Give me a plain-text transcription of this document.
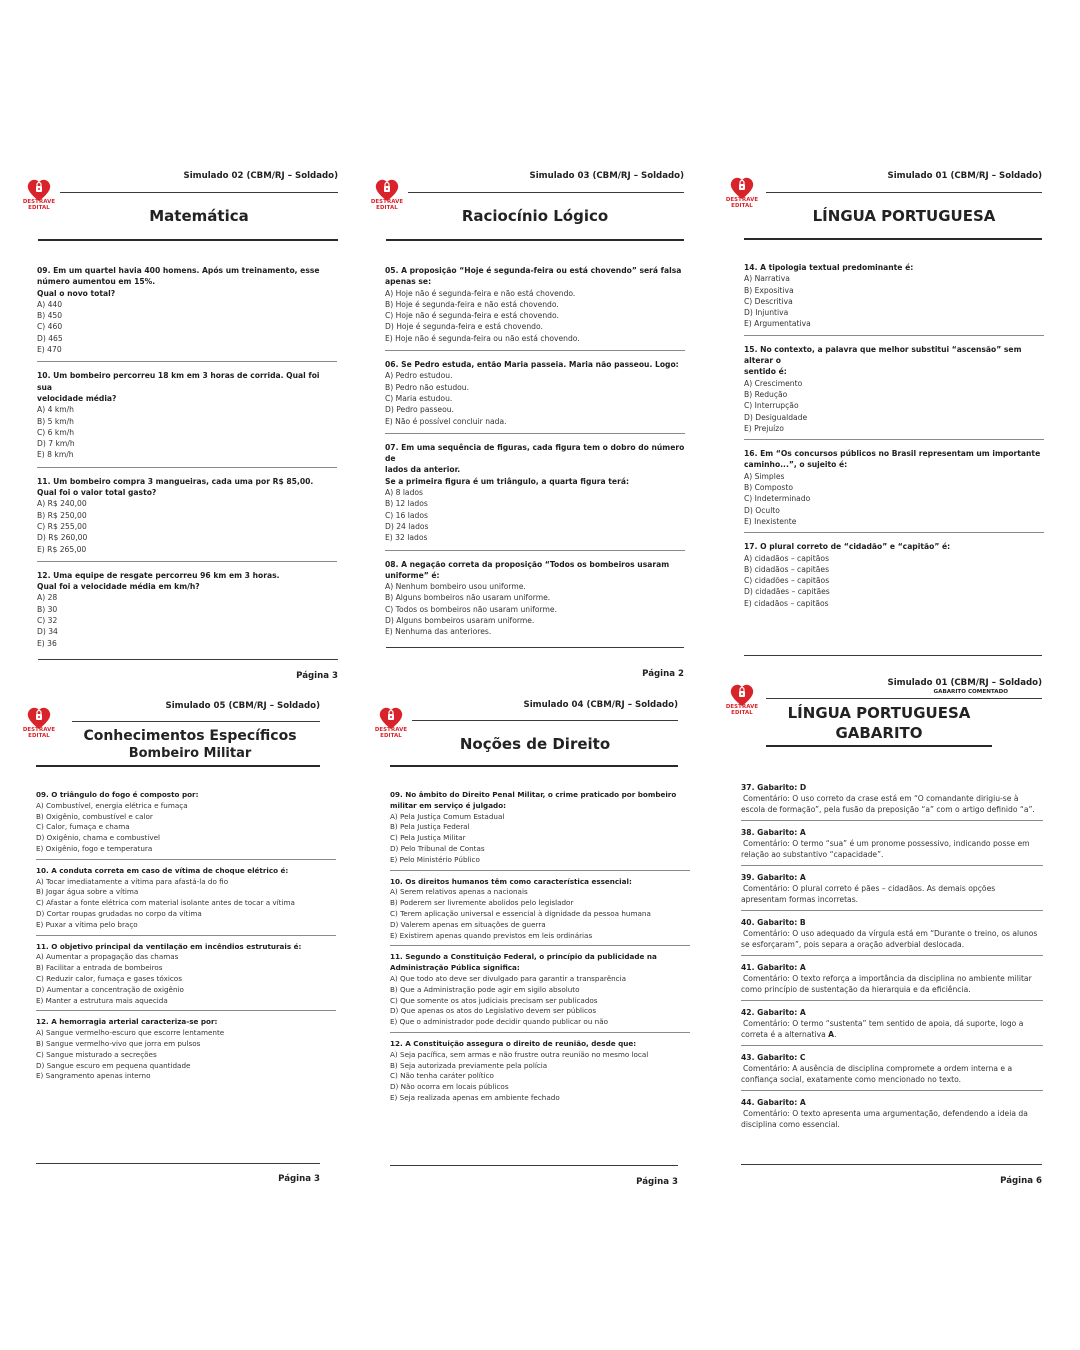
DESTRAVE
EDITAL
Simulado 02 (CBM/RJ – Soldado)
Matemática
09. Em um quartel havia 400 homens. Após um treinamento, esse
número aumentou em 15%.
Qual o novo total?
A) 440
B) 450
C) 460
D) 465
E) 470
10. Um bombeiro percorreu 18 km em 3 horas de corrida. Qual foi sua
velocidade média?
A) 4 km/h
B) 5 km/h
C) 6 km/h
D) 7 km/h
E) 8 km/h
11. Um bombeiro compra 3 mangueiras, cada uma por R$ 85,00.
Qual foi o valor total gasto?
A) R$ 240,00
B) R$ 250,00
C) R$ 255,00
D) R$ 260,00
E) R$ 265,00
12. Uma equipe de resgate percorreu 96 km em 3 horas.
Qual foi a velocidade média em km/h?
A) 28
B) 30
C) 32
D) 34
E) 36
Página 3
DESTRAVE
EDITAL
Simulado 03 (CBM/RJ – Soldado)
Raciocínio Lógico
05. A proposição “Hoje é segunda-feira ou está chovendo” será falsa
apenas se:
A) Hoje não é segunda-feira e não está chovendo.
B) Hoje é segunda-feira e não está chovendo.
C) Hoje não é segunda-feira e está chovendo.
D) Hoje é segunda-feira e está chovendo.
E) Hoje não é segunda-feira ou não está chovendo.
06. Se Pedro estuda, então Maria passeia. Maria não passeou. Logo:
A) Pedro estudou.
B) Pedro não estudou.
C) Maria estudou.
D) Pedro passeou.
E) Não é possível concluir nada.
07. Em uma sequência de figuras, cada figura tem o dobro do número de
lados da anterior.
Se a primeira figura é um triângulo, a quarta figura terá:
A) 8 lados
B) 12 lados
C) 16 lados
D) 24 lados
E) 32 lados
08. A negação correta da proposição “Todos os bombeiros usaram
uniforme” é:
A) Nenhum bombeiro usou uniforme.
B) Alguns bombeiros não usaram uniforme.
C) Todos os bombeiros não usaram uniforme.
D) Alguns bombeiros usaram uniforme.
E) Nenhuma das anteriores.
Página 2
DESTRAVE
EDITAL
Simulado 01 (CBM/RJ – Soldado)
LÍNGUA PORTUGUESA
14. A tipologia textual predominante é:
A) Narrativa
B) Expositiva
C) Descritiva
D) Injuntiva
E) Argumentativa
15. No contexto, a palavra que melhor substitui “ascensão” sem alterar o
sentido é:
A) Crescimento
B) Redução
C) Interrupção
D) Desigualdade
E) Prejuízo
16. Em “Os concursos públicos no Brasil representam um importante
caminho...”, o sujeito é:
A) Simples
B) Composto
C) Indeterminado
D) Oculto
E) Inexistente
17. O plural correto de “cidadão” e “capitão” é:
A) cidadãos – capitãos
B) cidadãos – capitães
C) cidadões – capitãos
D) cidadães – capitães
E) cidadãos – capitãos
DESTRAVE
EDITAL
Simulado 05 (CBM/RJ – Soldado)
Conhecimentos Específicos
Bombeiro Militar
09. O triângulo do fogo é composto por:
A) Combustível, energia elétrica e fumaça
B) Oxigênio, combustível e calor
C) Calor, fumaça e chama
D) Oxigênio, chama e combustível
E) Oxigênio, fogo e temperatura
10. A conduta correta em caso de vítima de choque elétrico é:
A) Tocar imediatamente a vítima para afastá-la do fio
B) Jogar água sobre a vítima
C) Afastar a fonte elétrica com material isolante antes de tocar a vítima
D) Cortar roupas grudadas no corpo da vítima
E) Puxar a vítima pelo braço
11. O objetivo principal da ventilação em incêndios estruturais é:
A) Aumentar a propagação das chamas
B) Facilitar a entrada de bombeiros
C) Reduzir calor, fumaça e gases tóxicos
D) Aumentar a concentração de oxigênio
E) Manter a estrutura mais aquecida
12. A hemorragia arterial caracteriza-se por:
A) Sangue vermelho-escuro que escorre lentamente
B) Sangue vermelho-vivo que jorra em pulsos
C) Sangue misturado a secreções
D) Sangue escuro em pequena quantidade
E) Sangramento apenas interno
Página 3
DESTRAVE
EDITAL
Simulado 04 (CBM/RJ – Soldado)
Noções de Direito
09. No âmbito do Direito Penal Militar, o crime praticado por bombeiro
militar em serviço é julgado:
A) Pela Justiça Comum Estadual
B) Pela Justiça Federal
C) Pela Justiça Militar
D) Pelo Tribunal de Contas
E) Pelo Ministério Público
10. Os direitos humanos têm como característica essencial:
A) Serem relativos apenas a nacionais
B) Poderem ser livremente abolidos pelo legislador
C) Terem aplicação universal e essencial à dignidade da pessoa humana
D) Valerem apenas em situações de guerra
E) Existirem apenas quando previstos em leis ordinárias
11. Segundo a Constituição Federal, o princípio da publicidade na
Administração Pública significa:
A) Que todo ato deve ser divulgado para garantir a transparência
B) Que a Administração pode agir em sigilo absoluto
C) Que somente os atos judiciais precisam ser publicados
D) Que apenas os atos do Legislativo devem ser públicos
E) Que o administrador pode decidir quando publicar ou não
12. A Constituição assegura o direito de reunião, desde que:
A) Seja pacífica, sem armas e não frustre outra reunião no mesmo local
B) Seja autorizada previamente pela polícia
C) Não tenha caráter político
D) Não ocorra em locais públicos
E) Seja realizada apenas em ambiente fechado
Página 3
DESTRAVE
EDITAL
Simulado 01 (CBM/RJ – Soldado)
GABARITO COMENTADO
LÍNGUA PORTUGUESA
GABARITO
37. Gabarito: D
Comentário: O uso correto da crase está em “O comandante dirigiu-se à
escola de formação”, pela fusão da preposição “a” com o artigo definido “a”.
38. Gabarito: A
Comentário: O termo “sua” é um pronome possessivo, indicando posse em
relação ao substantivo “capacidade”.
39. Gabarito: A
Comentário: O plural correto é pães – cidadãos. As demais opções
apresentam formas incorretas.
40. Gabarito: B
Comentário: O uso adequado da vírgula está em “Durante o treino, os alunos
se esforçaram”, pois separa a oração adverbial deslocada.
41. Gabarito: A
Comentário: O texto reforça a importância da disciplina no ambiente militar
como princípio de sustentação da hierarquia e da eficiência.
42. Gabarito: A
Comentário: O termo “sustenta” tem sentido de apoia, dá suporte, logo a
correta é a alternativa A.
43. Gabarito: C
Comentário: A ausência de disciplina compromete a ordem interna e a
confiança social, exatamente como mencionado no texto.
44. Gabarito: A
Comentário: O texto apresenta uma argumentação, defendendo a ideia da
disciplina como essencial.
Página 6
